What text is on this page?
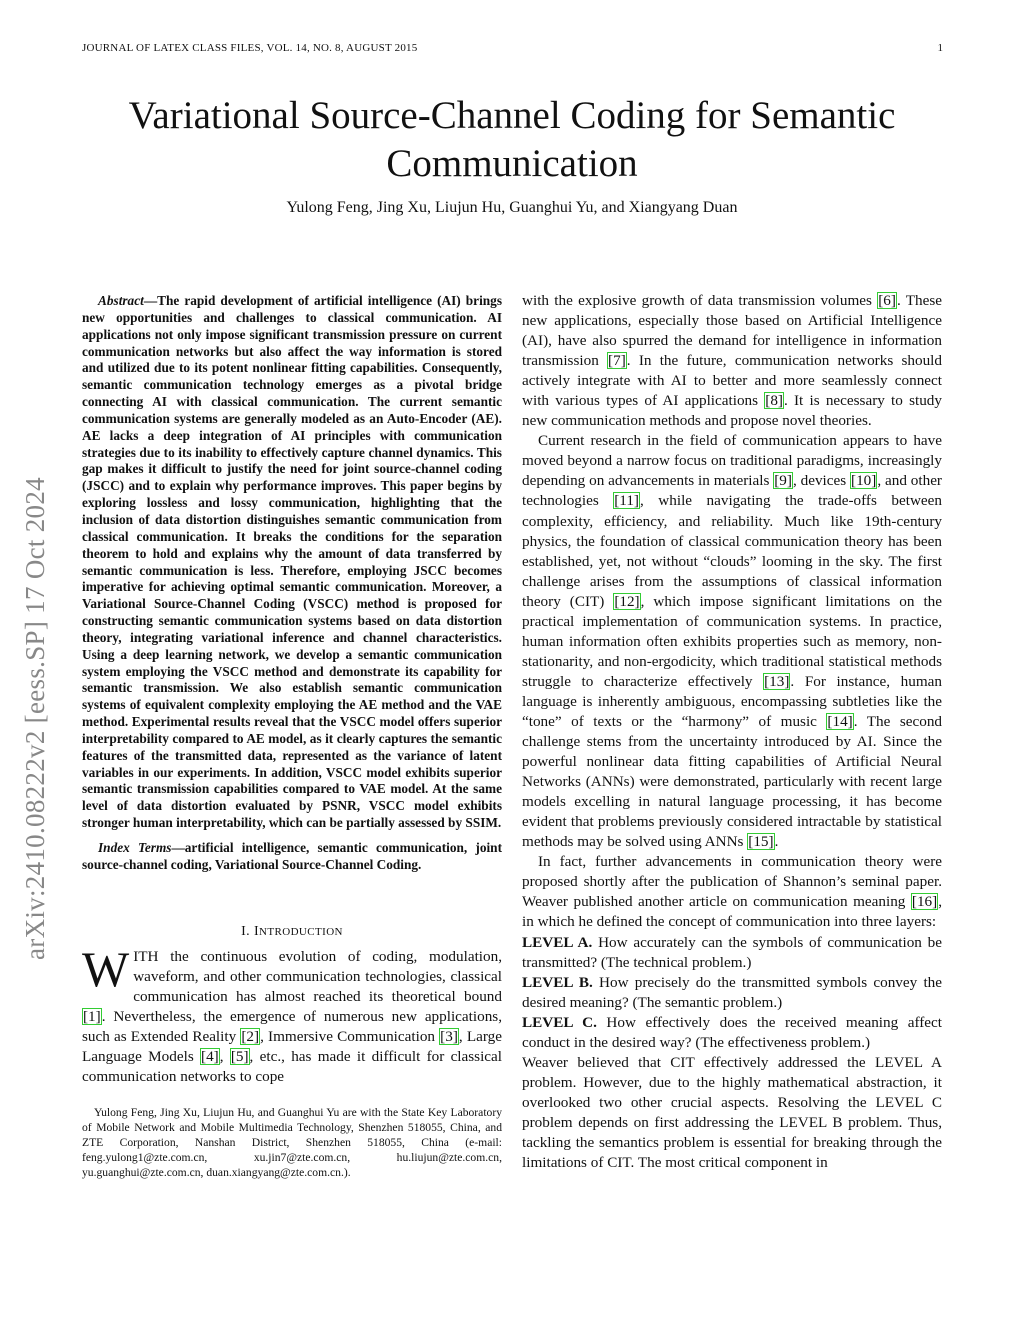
JOURNAL OF LATEX CLASS FILES, VOL. 14, NO. 8, AUGUST 2015	1
Variational Source-Channel Coding for Semantic Communication
Yulong Feng, Jing Xu, Liujun Hu, Guanghui Yu, and Xiangyang Duan
arXiv:2410.08222v2 [eess.SP] 17 Oct 2024

Abstract—The rapid development of artificial intelligence (AI) brings new opportunities and challenges to classical communication. AI applications not only impose significant transmission pressure on current communication networks but also affect the way information is stored and utilized due to its potent nonlinear fitting capabilities. Consequently, semantic communication technology emerges as a pivotal bridge connecting AI with classical communication. The current semantic communication systems are generally modeled as an Auto-Encoder (AE). AE lacks a deep integration of AI principles with communication strategies due to its inability to effectively capture channel dynamics. This gap makes it difficult to justify the need for joint source-channel coding (JSCC) and to explain why performance improves. This paper begins by exploring lossless and lossy communication, highlighting that the inclusion of data distortion distinguishes semantic communication from classical communication. It breaks the conditions for the separation theorem to hold and explains why the amount of data transferred by semantic communication is less. Therefore, employing JSCC becomes imperative for achieving optimal semantic communication. Moreover, a Variational Source-Channel Coding (VSCC) method is proposed for constructing semantic communication systems based on data distortion theory, integrating variational inference and channel characteristics. Using a deep learning network, we develop a semantic communication system employing the VSCC method and demonstrate its capability for semantic transmission. We also establish semantic communication systems of equivalent complexity employing the AE method and the VAE method. Experimental results reveal that the VSCC model offers superior interpretability compared to AE model, as it clearly captures the semantic features of the transmitted data, represented as the variance of latent variables in our experiments. In addition, VSCC model exhibits superior semantic transmission capabilities compared to VAE model. At the same level of data distortion evaluated by PSNR, VSCC model exhibits stronger human interpretability, which can be partially assessed by SSIM.

Index Terms—artificial intelligence, semantic communication, joint source-channel coding, Variational Source-Channel Coding.

I. INTRODUCTION

WITH the continuous evolution of coding, modulation, waveform, and other communication technologies, classical communication has almost reached its theoretical bound [1]. Nevertheless, the emergence of numerous new applications, such as Extended Reality [2], Immersive Communication [3], Large Language Models [4], [5], etc., has made it difficult for classical communication networks to cope

Yulong Feng, Jing Xu, Liujun Hu, and Guanghui Yu are with the State Key Laboratory of Mobile Network and Mobile Multimedia Technology, Shenzhen 518055, China, and ZTE Corporation, Nanshan District, Shenzhen 518055, China (e-mail: feng.yulong1@zte.com.cn, xu.jin7@zte.com.cn, hu.liujun@zte.com.cn, yu.guanghui@zte.com.cn, duan.xiangyang@zte.com.cn.).

with the explosive growth of data transmission volumes [6]. These new applications, especially those based on Artificial Intelligence (AI), have also spurred the demand for intelligence in information transmission [7]. In the future, communication networks should actively integrate with AI to better and more seamlessly connect with various types of AI applications [8]. It is necessary to study new communication methods and propose novel theories.

Current research in the field of communication appears to have moved beyond a narrow focus on traditional paradigms, increasingly depending on advancements in materials [9], devices [10], and other technologies [11], while navigating the trade-offs between complexity, efficiency, and reliability. Much like 19th-century physics, the foundation of classical communication theory has been established, yet, not without “clouds” looming in the sky. The first challenge arises from the assumptions of classical information theory (CIT) [12], which impose significant limitations on the practical implementation of communication systems. In practice, human information often exhibits properties such as memory, non-stationarity, and non-ergodicity, which traditional statistical methods struggle to characterize effectively [13]. For instance, human language is inherently ambiguous, encompassing subtleties like the “tone” of texts or the “harmony” of music [14]. The second challenge stems from the uncertainty introduced by AI. Since the powerful nonlinear data fitting capabilities of Artificial Neural Networks (ANNs) were demonstrated, particularly with recent large models excelling in natural language processing, it has become evident that problems previously considered intractable by statistical methods may be solved using ANNs [15].

In fact, further advancements in communication theory were proposed shortly after the publication of Shannon’s seminal paper. Weaver published another article on communication meaning [16], in which he defined the concept of communication into three layers:

LEVEL A. How accurately can the symbols of communication be transmitted? (The technical problem.)

LEVEL B. How precisely do the transmitted symbols convey the desired meaning? (The semantic problem.)

LEVEL C. How effectively does the received meaning affect conduct in the desired way? (The effectiveness problem.)

Weaver believed that CIT effectively addressed the LEVEL A problem. However, due to the highly mathematical abstraction, it overlooked two other crucial aspects. Resolving the LEVEL C problem depends on first addressing the LEVEL B problem. Thus, tackling the semantics problem is essential for breaking through the limitations of CIT. The most critical component in
